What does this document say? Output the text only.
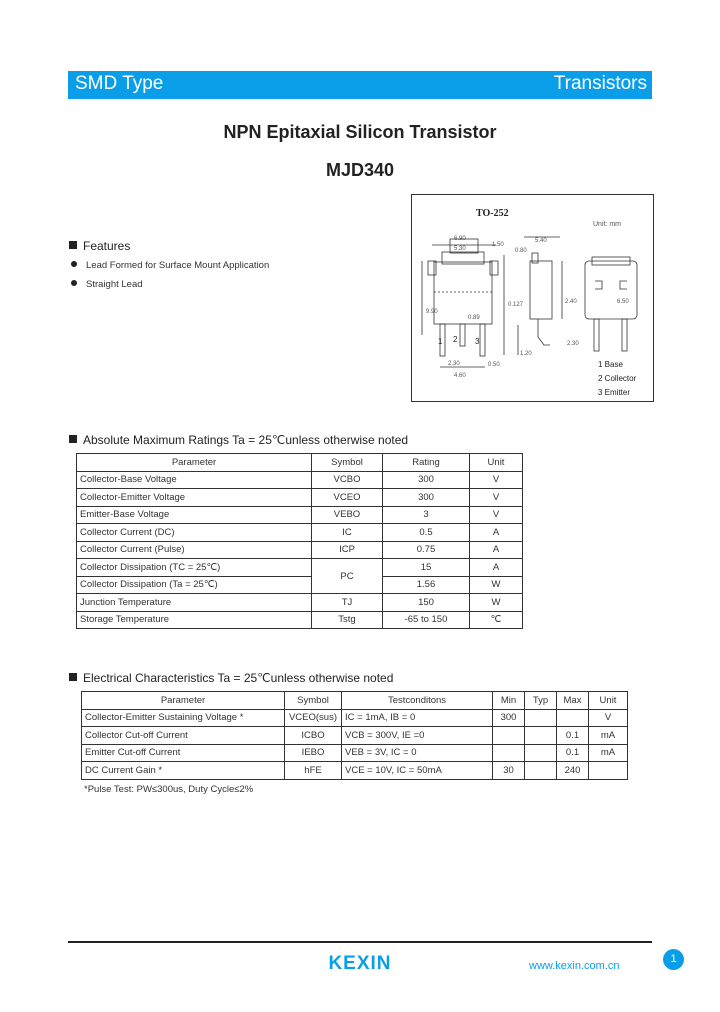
SMD Type	Transistors
NPN Epitaxial Silicon Transistor
MJD340
Features
Lead Formed for Surface Mount Application
Straight Lead
6.90
5.30
1.50
0.80
2.30
4.60
0.50
0.127
0.89
5.40
2.40
9.90
6.50
2.30
1.20
1 2 3
TO-252
Unit: mm
1 Base
2 Collector
3 Emitter
Absolute Maximum Ratings Ta = 25℃unless otherwise noted
Parameter	Symbol	Rating	Unit
Collector-Base Voltage	VCBO	300	V
Collector-Emitter Voltage	VCEO	300	V
Emitter-Base Voltage	VEBO	3	V
Collector Current (DC)	IC	0.5	A
Collector Current (Pulse)	ICP	0.75	A
Collector Dissipation (TC = 25℃)	PC	15	A
Collector Dissipation (Ta = 25℃)		1.56	W
Junction Temperature	TJ	150	W
Storage Temperature	Tstg	-65 to 150	℃
Electrical Characteristics Ta = 25℃unless otherwise noted
Parameter	Symbol	Testconditons	Min	Typ	Max	Unit
Collector-Emitter Sustaining Voltage *	VCEO(sus)	IC = 1mA, IB = 0	300			V
Collector Cut-off Current	ICBO	VCB = 300V, IE =0			0.1	mA
Emitter Cut-off Current	IEBO	VEB = 3V, IC = 0			0.1	mA
DC Current Gain *	hFE	VCE = 10V, IC = 50mA	30		240	
*Pulse Test: PW≤300us, Duty Cycle≤2%
KEXIN	www.kexin.com.cn
1
